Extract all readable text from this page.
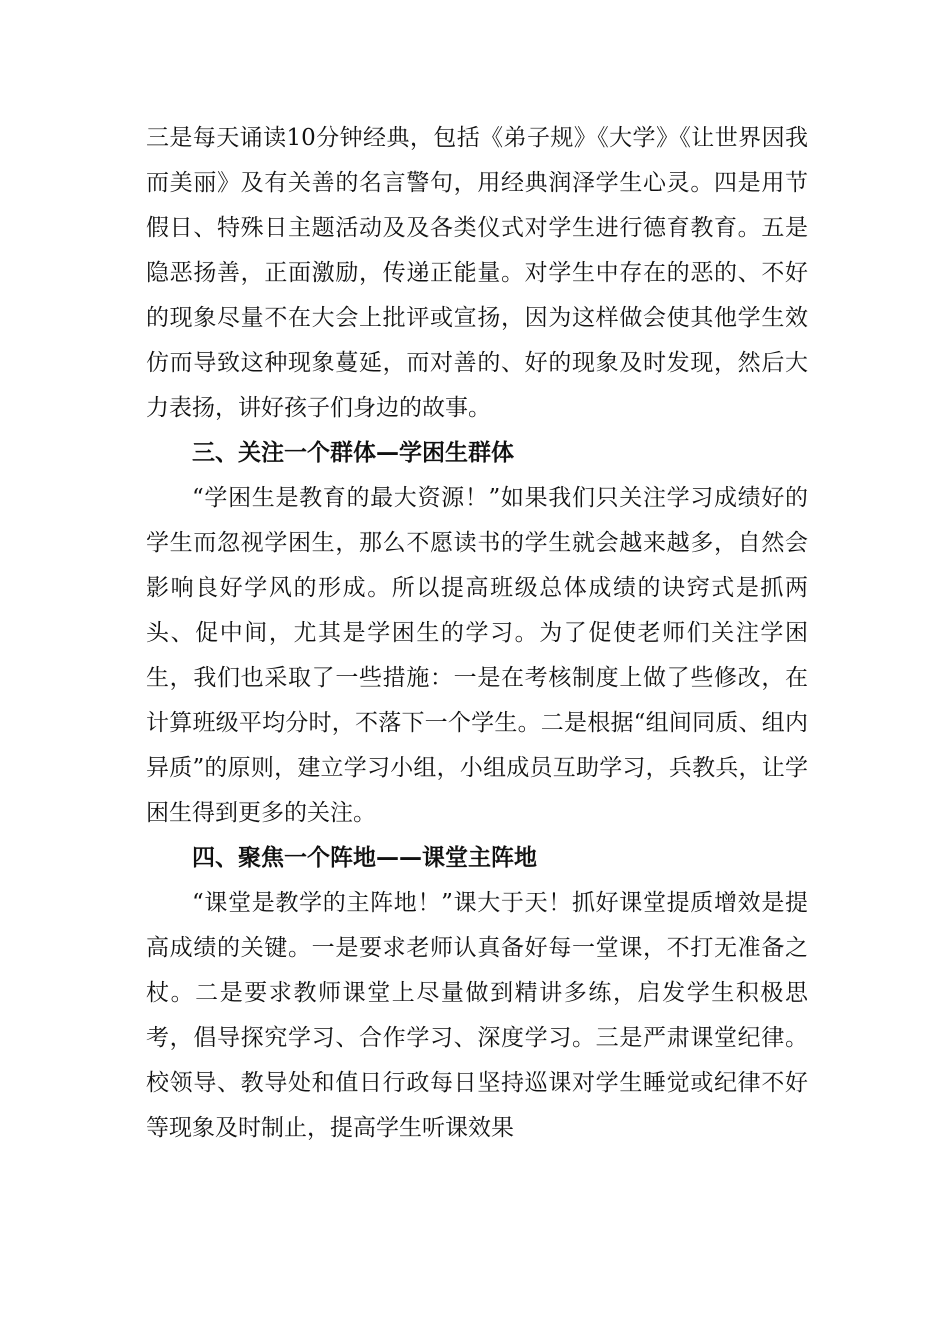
三是每天诵读10分钟经典，包括《弟子规》《大学》《让世界因我而美丽》及有关善的名言警句，用经典润泽学生心灵。四是用节假日、特殊日主题活动及及各类仪式对学生进行德育教育。五是隐恶扬善，正面激励，传递正能量。对学生中存在的恶的、不好的现象尽量不在大会上批评或宣扬，因为这样做会使其他学生效仿而导致这种现象蔓延，而对善的、好的现象及时发现，然后大力表扬，讲好孩子们身边的故事。

三、关注一个群体—学困生群体

“学困生是教育的最大资源！”如果我们只关注学习成绩好的学生而忽视学困生，那么不愿读书的学生就会越来越多，自然会影响良好学风的形成。所以提高班级总体成绩的诀窍式是抓两头、促中间，尤其是学困生的学习。为了促使老师们关注学困生，我们也采取了一些措施：一是在考核制度上做了些修改，在计算班级平均分时，不落下一个学生。二是根据“组间同质、组内异质”的原则，建立学习小组，小组成员互助学习，兵教兵，让学困生得到更多的关注。

四、聚焦一个阵地——课堂主阵地

“课堂是教学的主阵地！”课大于天！抓好课堂提质增效是提高成绩的关键。一是要求老师认真备好每一堂课，不打无准备之杖。二是要求教师课堂上尽量做到精讲多练，启发学生积极思考，倡导探究学习、合作学习、深度学习。三是严肃课堂纪律。校领导、教导处和值日行政每日坚持巡课对学生睡觉或纪律不好等现象及时制止，提高学生听课效果
